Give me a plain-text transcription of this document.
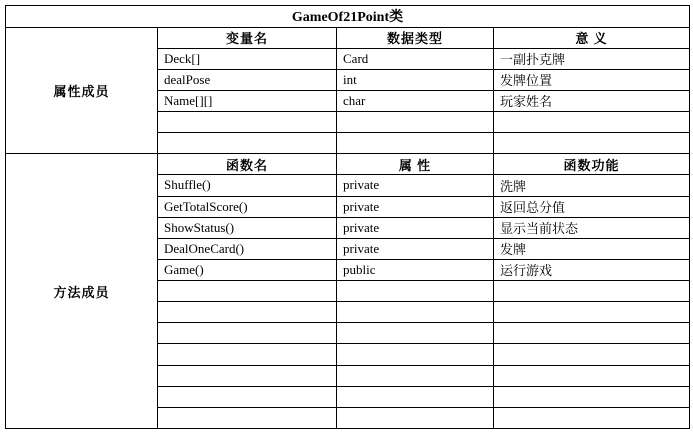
GameOf21Point类			
属性成员	变量名	数据类型	意 义
	Deck[]	Card	一副扑克牌
	dealPose	int	发牌位置
	Name[][]	char	玩家姓名

方法成员	函数名	属 性	函数功能
	Shuffle()	private	洗牌
	GetTotalScore()	private	返回总分值
	ShowStatus()	private	显示当前状态
	DealOneCard()	private	发牌
	Game()	public	运行游戏
